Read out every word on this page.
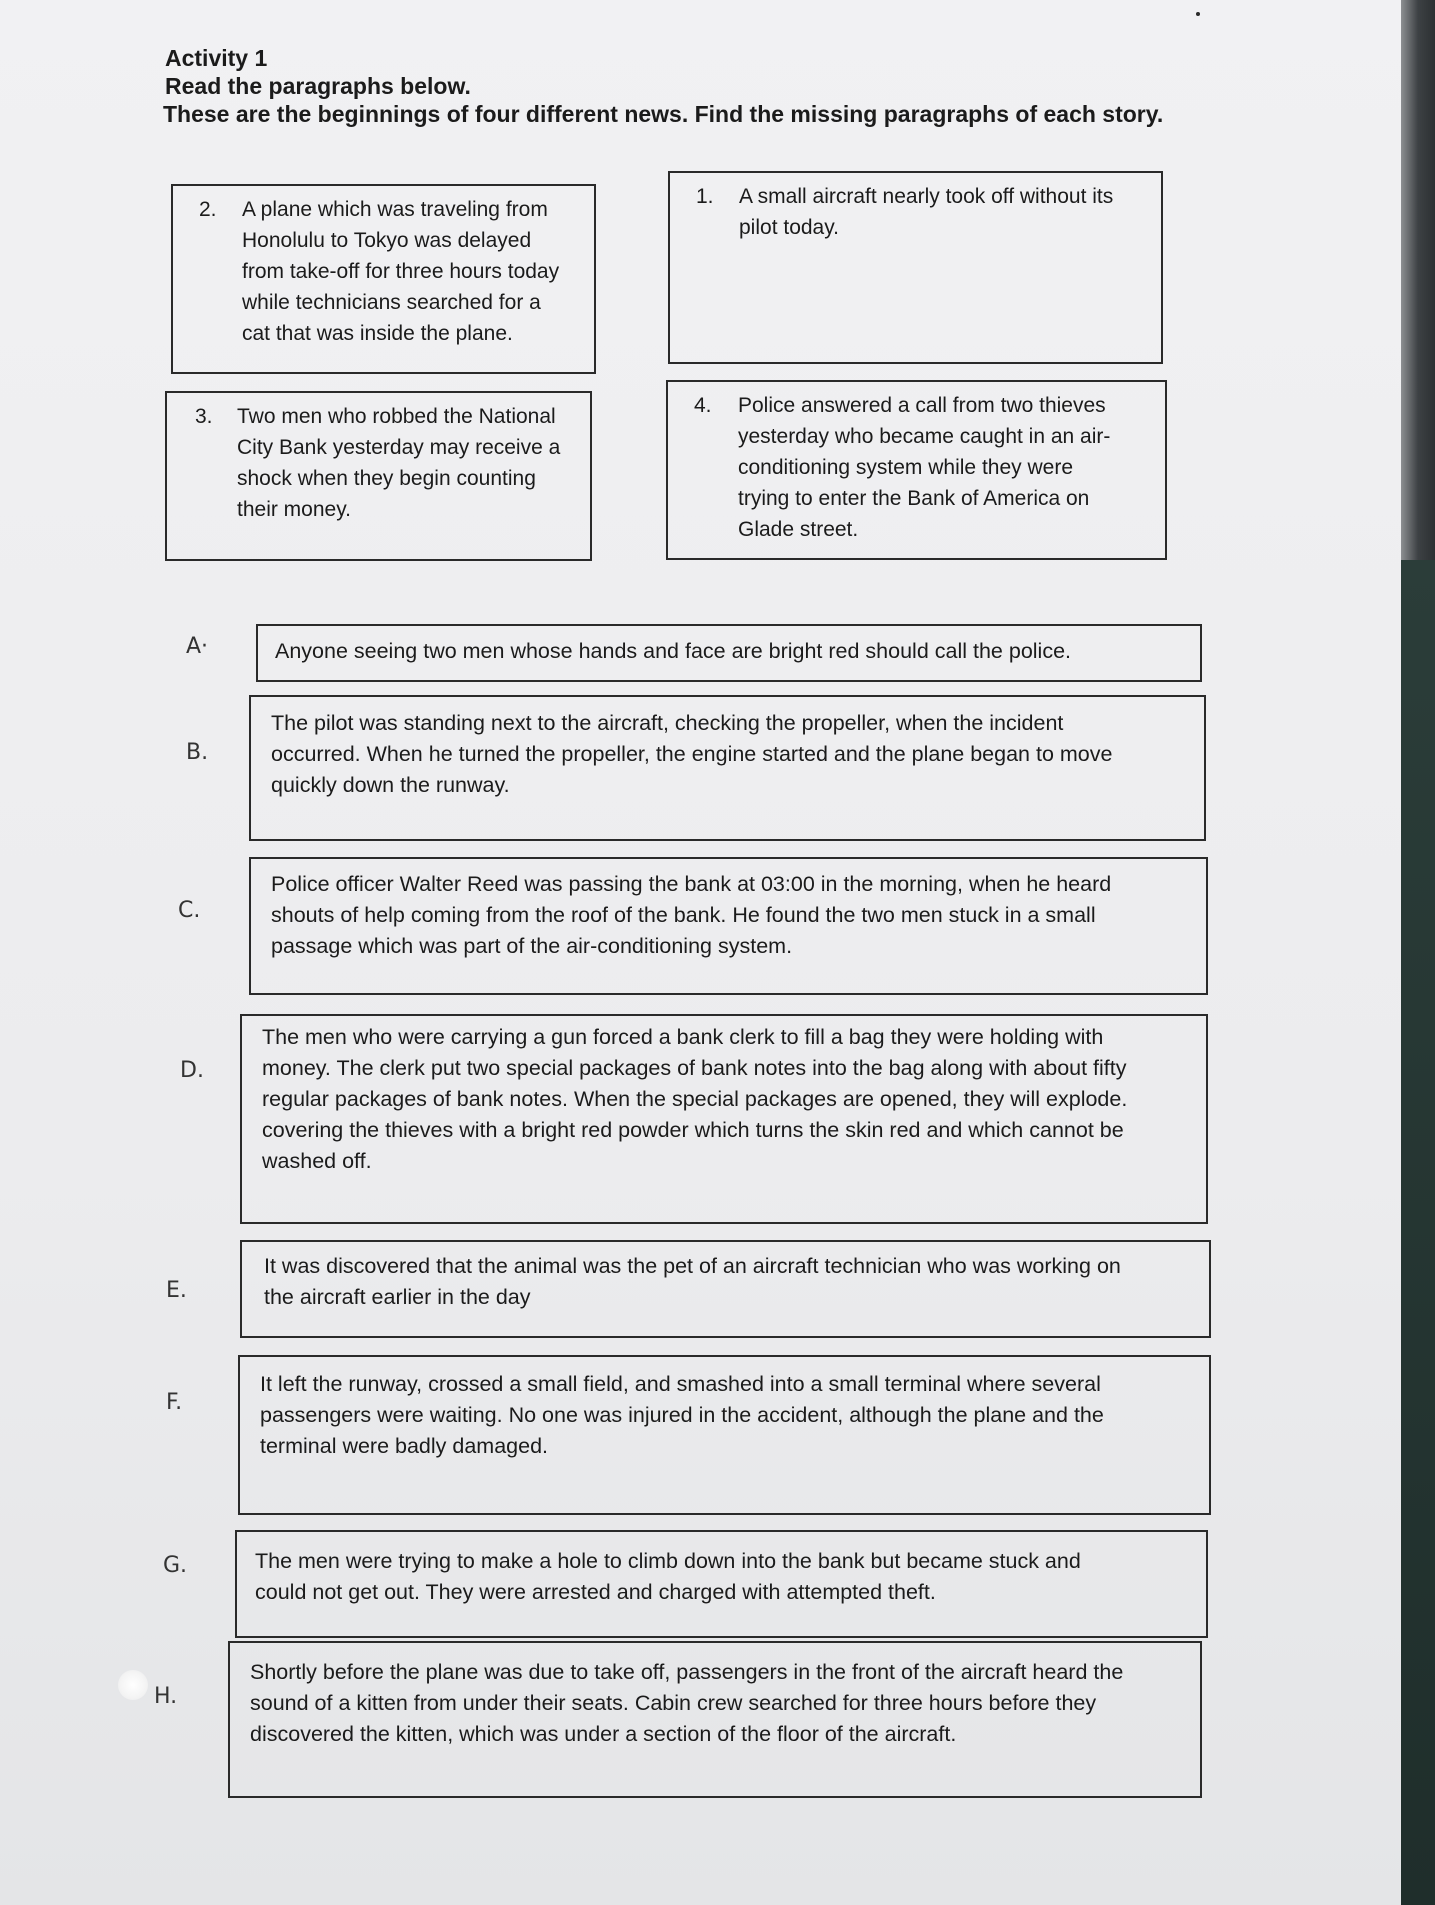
Activity 1
Read the paragraphs below.
These are the beginnings of four different news. Find the missing paragraphs of each story.
2. A plane which was traveling from
Honolulu to Tokyo was delayed
from take-off for three hours today
while technicians searched for a
cat that was inside the plane.
1. A small aircraft nearly took off without its
pilot today.
3. Two men who robbed the National
City Bank yesterday may receive a
shock when they begin counting
their money.
4. Police answered a call from two thieves
yesterday who became caught in an air-
conditioning system while they were
trying to enter the Bank of America on
Glade street.
A·	Anyone seeing two men whose hands and face are bright red should call the police.
B.
The pilot was standing next to the aircraft, checking the propeller, when the incident
occurred. When he turned the propeller, the engine started and the plane began to move
quickly down the runway.
C.
Police officer Walter Reed was passing the bank at 03:00 in the morning, when he heard
shouts of help coming from the roof of the bank. He found the two men stuck in a small
passage which was part of the air-conditioning system.
D.
The men who were carrying a gun forced a bank clerk to fill a bag they were holding with
money. The clerk put two special packages of bank notes into the bag along with about fifty
regular packages of bank notes. When the special packages are opened, they will explode.
covering the thieves with a bright red powder which turns the skin red and which cannot be
washed off.
E.
It was discovered that the animal was the pet of an aircraft technician who was working on
the aircraft earlier in the day
F.
It left the runway, crossed a small field, and smashed into a small terminal where several
passengers were waiting. No one was injured in the accident, although the plane and the
terminal were badly damaged.
G.	The men were trying to make a hole to climb down into the bank but became stuck and
could not get out. They were arrested and charged with attempted theft.
H.
Shortly before the plane was due to take off, passengers in the front of the aircraft heard the
sound of a kitten from under their seats. Cabin crew searched for three hours before they
discovered the kitten, which was under a section of the floor of the aircraft.
